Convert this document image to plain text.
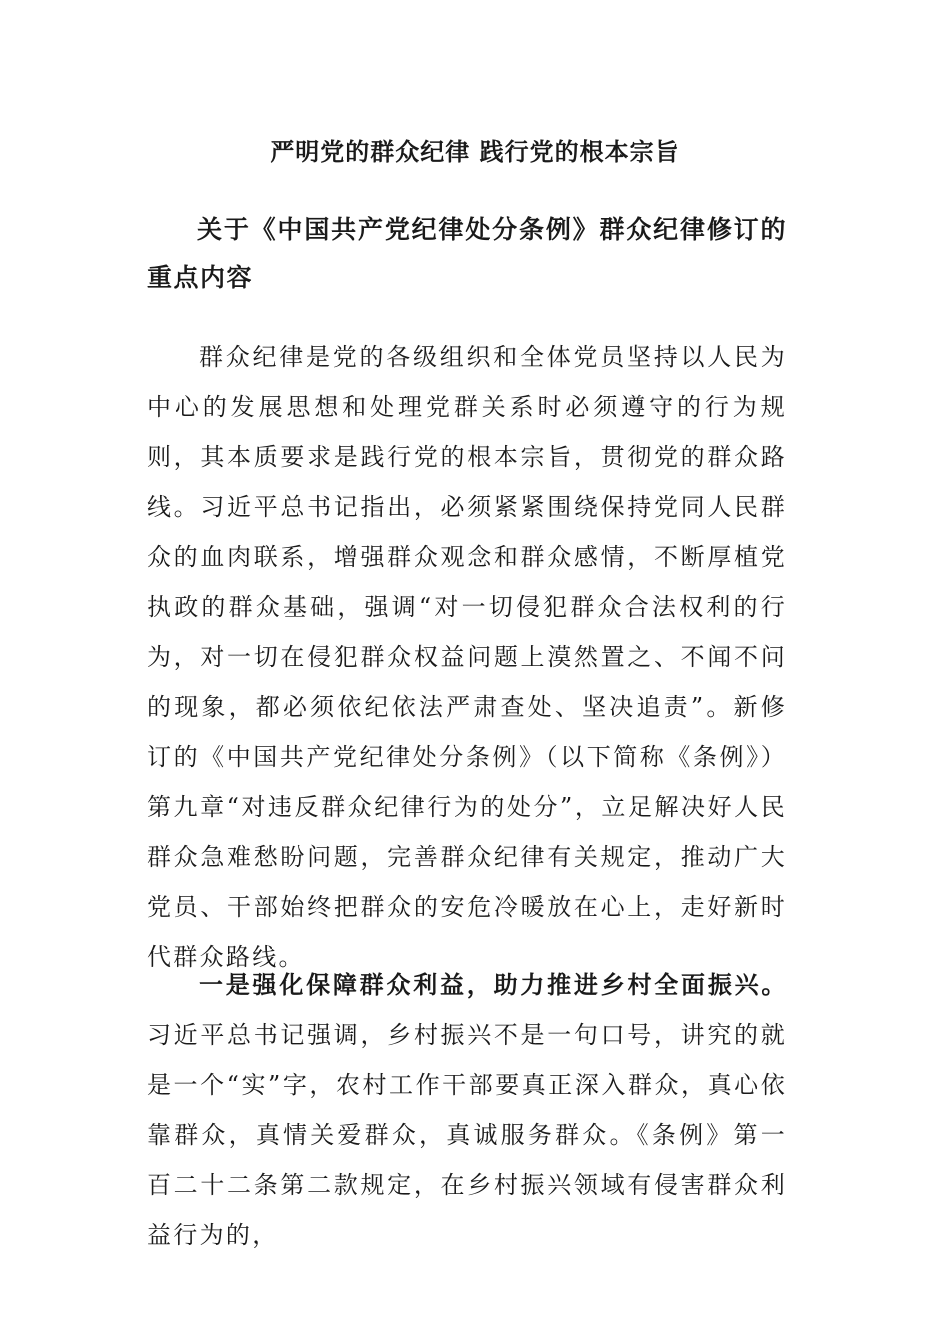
严明党的群众纪律 践行党的根本宗旨
关于《中国共产党纪律处分条例》群众纪律修订的重点内容

群众纪律是党的各级组织和全体党员坚持以人民为中心的发展思想和处理党群关系时必须遵守的行为规则，其本质要求是践行党的根本宗旨，贯彻党的群众路线。习近平总书记指出，必须紧紧围绕保持党同人民群众的血肉联系，增强群众观念和群众感情，不断厚植党执政的群众基础，强调“对一切侵犯群众合法权利的行为，对一切在侵犯群众权益问题上漠然置之、不闻不问的现象，都必须依纪依法严肃查处、坚决追责”。新修订的《中国共产党纪律处分条例》（以下简称《条例》）第九章“对违反群众纪律行为的处分”，立足解决好人民群众急难愁盼问题，完善群众纪律有关规定，推动广大党员、干部始终把群众的安危冷暖放在心上，走好新时代群众路线。

一是强化保障群众利益，助力推进乡村全面振兴。习近平总书记强调，乡村振兴不是一句口号，讲究的就是一个“实”字，农村工作干部要真正深入群众，真心依靠群众，真情关爱群众，真诚服务群众。《条例》第一百二十二条第二款规定，在乡村振兴领域有侵害群众利益行为的，
